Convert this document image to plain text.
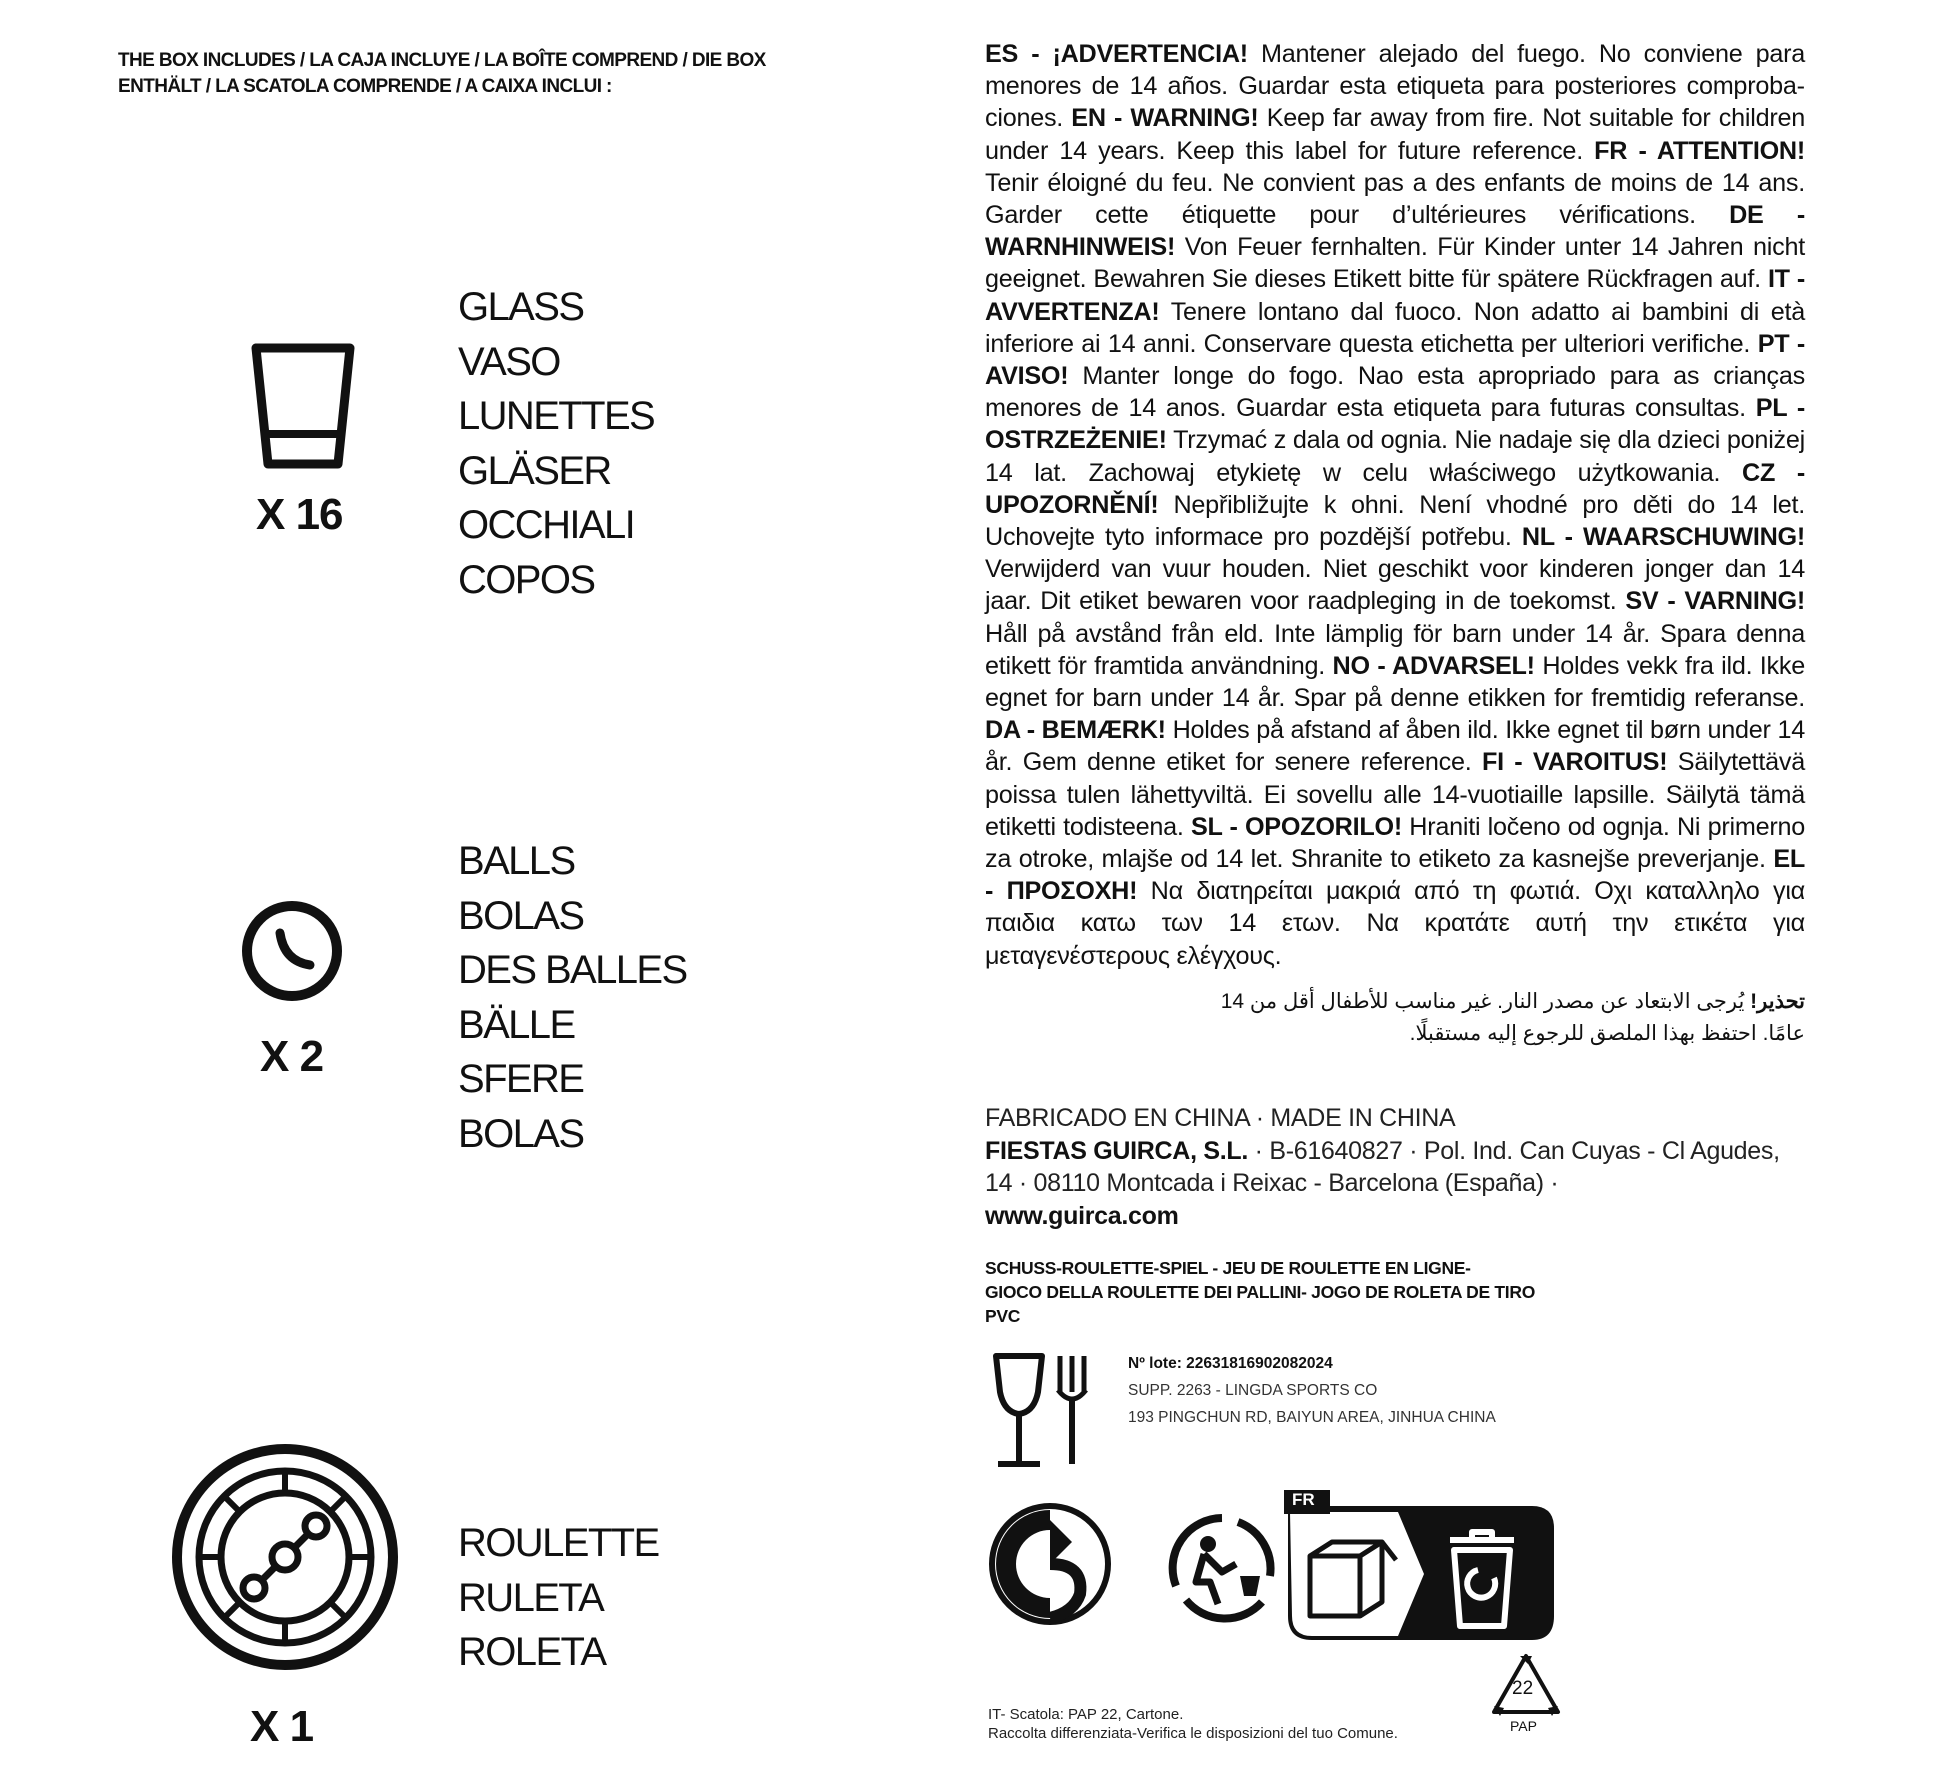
THE BOX INCLUDES / LA CAJA INCLUYE / LA BOÎTE COMPREND / DIE BOX
ENTHÄLT / LA SCATOLA COMPRENDE / A CAIXA INCLUI :
X 16
GLASS
VASO
LUNETTES
GLÄSER
OCCHIALI
COPOS
X 2
BALLS
BOLAS
DES BALLES
BÄLLE
SFERE
BOLAS
X 1
ROULETTE
RULETA
ROLETA

ES - ¡ADVERTENCIA! Mantener alejado del fuego. No conviene para menores de 14 años. Guardar esta etiqueta para posteriores comprobaciones. EN - WARNING! Keep far away from fire. Not suitable for children under 14 years. Keep this label for future reference. FR - ATTENTION! Tenir éloigné du feu. Ne convient pas a des enfants de moins de 14 ans. Garder cette étiquette pour d’ultérieures vérifications. DE - WARNHINWEIS! Von Feuer fernhalten. Für Kinder unter 14 Jahren nicht geeignet. Bewahren Sie dieses Etikett bitte für spätere Rückfragen auf. IT - AVVERTENZA! Tenere lontano dal fuoco. Non adatto ai bambini di età inferiore ai 14 anni. Conservare questa etichetta per ulteriori verifiche. PT - AVISO! Manter longe do fogo. Nao esta apropriado para as crianças menores de 14 anos. Guardar esta etiqueta para futuras consultas. PL - OSTRZEŻENIE! Trzymać z dala od ognia. Nie nadaje się dla dzieci poniżej 14 lat. Zachowaj etykietę w celu właściwego użytkowania. CZ - UPOZORNĚNÍ! Nepřibližujte k ohni. Není vhodné pro děti do 14 let. Uchovejte tyto informace pro pozdější potřebu. NL - WAARSCHUWING! Verwijderd van vuur houden. Niet geschikt voor kinderen jonger dan 14 jaar. Dit etiket bewaren voor raadpleging in de toekomst. SV - VARNING! Håll på avstånd från eld. Inte lämplig för barn under 14 år. Spara denna etikett för framtida användning. NO - ADVARSEL! Holdes vekk fra ild. Ikke egnet for barn under 14 år. Spar på denne etikken for fremtidig referanse. DA - BEMÆRK! Holdes på afstand af åben ild. Ikke egnet til børn under 14 år. Gem denne etiket for senere reference. FI - VAROITUS! Säilytettävä poissa tulen lähettyviltä. Ei sovellu alle 14-vuotiaille lapsille. Säilytä tämä etiketti todisteena. SL - OPOZORILO! Hraniti ločeno od ognja. Ni primerno za otroke, mlajše od 14 let. Shranite to etiketo za kasnejše preverjanje. EL - ΠΡΟΣΟΧΗ! Να διατηρείται μακριά από τη φωτιά. Οχι καταλληλο για παιδια κατω των 14 ετων. Να κρατάτε αυτή την ετικέτα για μεταγενέστερους ελέγχους.

تحذير! يُرجى الابتعاد عن مصدر النار. غير مناسب للأطفال أقل من 14 عامًا. احتفظ بهذا الملصق للرجوع إليه مستقبلًا.

FABRICADO EN CHINA · MADE IN CHINA
FIESTAS GUIRCA, S.L. · B-61640827 · Pol. Ind. Can Cuyas - Cl Agudes, 14 · 08110 Montcada i Reixac - Barcelona (España) ·
www.guirca.com
SCHUSS-ROULETTE-SPIEL - JEU DE ROULETTE EN LIGNE-
GIOCO DELLA ROULETTE DEI PALLINI- JOGO DE ROLETA DE TIRO
PVC
Nº lote: 22631816902082024
SUPP. 2263 - LINGDA SPORTS CO
193 PINGCHUN RD, BAIYUN AREA, JINHUA CHINA
FR
22
PAP
IT- Scatola: PAP 22, Cartone.
Raccolta differenziata-Verifica le disposizioni del tuo Comune.
